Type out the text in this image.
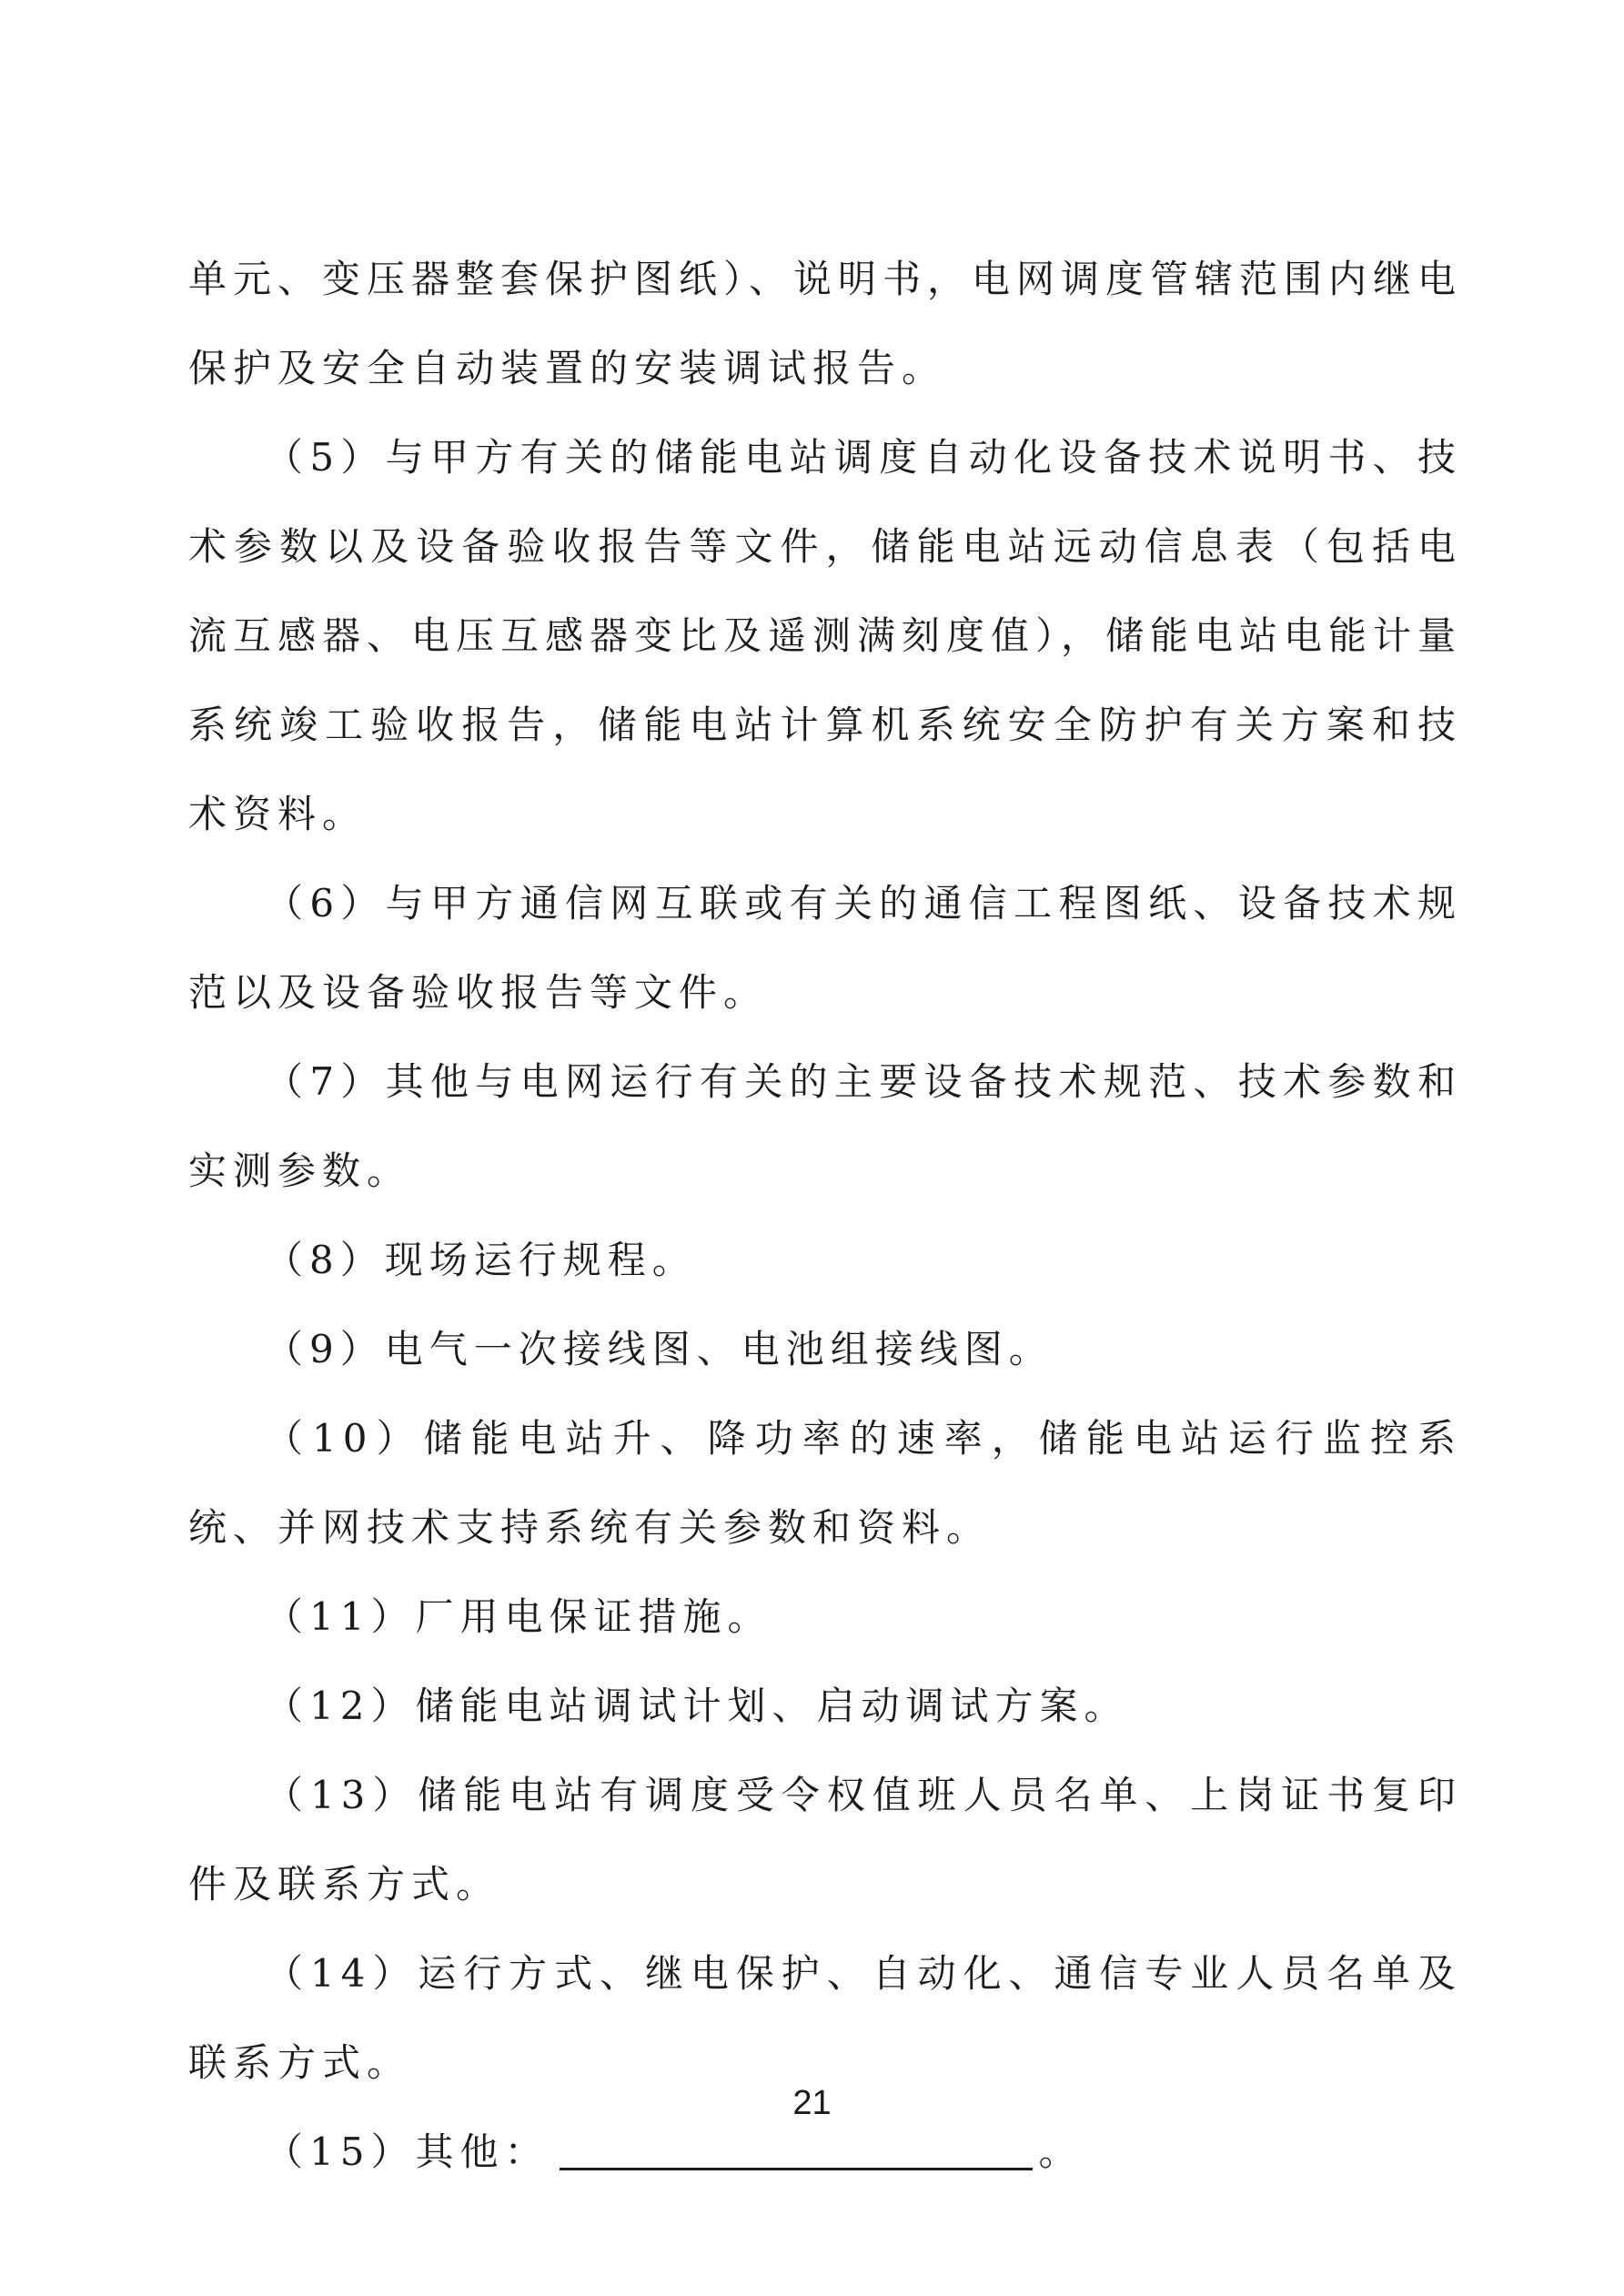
单元、变压器整套保护图纸）、说明书，电网调度管辖范围内继电保护及安全自动装置的安装调试报告。

（5）与甲方有关的储能电站调度自动化设备技术说明书、技术参数以及设备验收报告等文件，储能电站远动信息表（包括电流互感器、电压互感器变比及遥测满刻度值），储能电站电能计量系统竣工验收报告，储能电站计算机系统安全防护有关方案和技术资料。

（6）与甲方通信网互联或有关的通信工程图纸、设备技术规范以及设备验收报告等文件。

（7）其他与电网运行有关的主要设备技术规范、技术参数和实测参数。

（8）现场运行规程。

（9）电气一次接线图、电池组接线图。

（10）储能电站升、降功率的速率，储能电站运行监控系统、并网技术支持系统有关参数和资料。

（11）厂用电保证措施。

（12）储能电站调试计划、启动调试方案。

（13）储能电站有调度受令权值班人员名单、上岗证书复印件及联系方式。

（14）运行方式、继电保护、自动化、通信专业人员名单及联系方式。

（15）其他：	。

21
